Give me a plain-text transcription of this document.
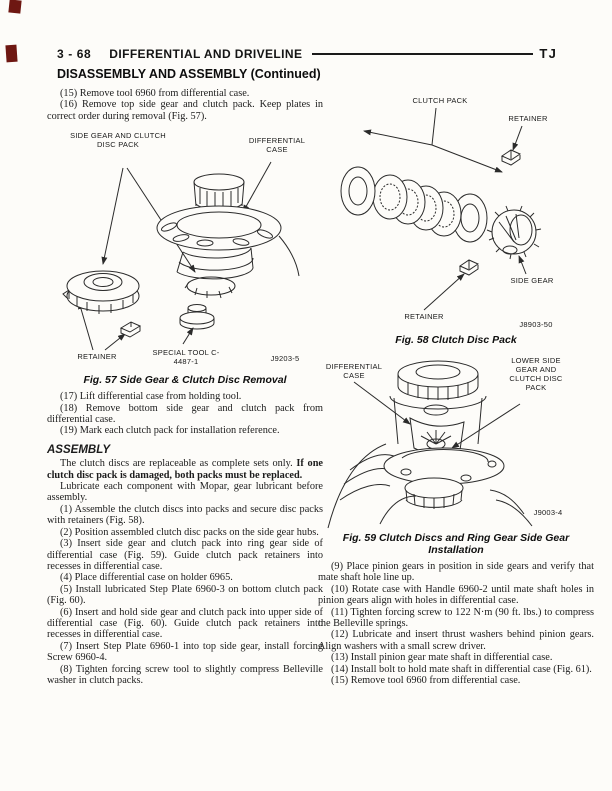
3 - 68 DIFFERENTIAL AND DRIVELINE	TJ
DISASSEMBLY AND ASSEMBLY (Continued)

(15) Remove tool 6960 from differential case.

(16) Remove top side gear and clutch pack. Keep plates in correct order during removal (Fig. 57).

SIDE GEAR AND CLUTCH DISC PACK	DIFFERENTIAL CASE
RETAINER	SPECIAL TOOL C-4487-1	J9203-5
Fig. 57 Side Gear & Clutch Disc Removal

(17) Lift differential case from holding tool.

(18) Remove bottom side gear and clutch pack from differential case.

(19) Mark each clutch pack for installation reference.

ASSEMBLY

The clutch discs are replaceable as complete sets only. If one clutch disc pack is damaged, both packs must be replaced.

Lubricate each component with Mopar, gear lubricant before assembly.

(1) Assemble the clutch discs into packs and secure disc packs with retainers (Fig. 58).

(2) Position assembled clutch disc packs on the side gear hubs.

(3) Insert side gear and clutch pack into ring gear side of differential case (Fig. 59). Guide clutch pack retainers into recesses in differential case.

(4) Place differential case on holder 6965.

(5) Install lubricated Step Plate 6960-3 on bottom clutch pack (Fig. 60).

(6) Insert and hold side gear and clutch pack into upper side of differential case (Fig. 60). Guide clutch pack retainers into recesses in differential case.

(7) Insert Step Plate 6960-1 into top side gear, install forcing Screw 6960-4.

(8) Tighten forcing screw tool to slightly compress Belleville washer in clutch packs.

CLUTCH PACK
RETAINER
SIDE GEAR
RETAINER
J8903-50
Fig. 58 Clutch Disc Pack
DIFFERENTIAL CASE
LOWER SIDE GEAR AND CLUTCH DISC PACK
J9003-4
Fig. 59 Clutch Discs and Ring Gear Side Gear
Installation

(9) Place pinion gears in position in side gears and verify that mate shaft hole line up.

(10) Rotate case with Handle 6960-2 until mate shaft holes in pinion gears align with holes in differential case.

(11) Tighten forcing screw to 122 N·m (90 ft. lbs.) to compress the Belleville springs.

(12) Lubricate and insert thrust washers behind pinion gears. Align washers with a small screw driver.

(13) Install pinion gear mate shaft in differential case.

(14) Install bolt to hold mate shaft in differential case (Fig. 61).

(15) Remove tool 6960 from differential case.
